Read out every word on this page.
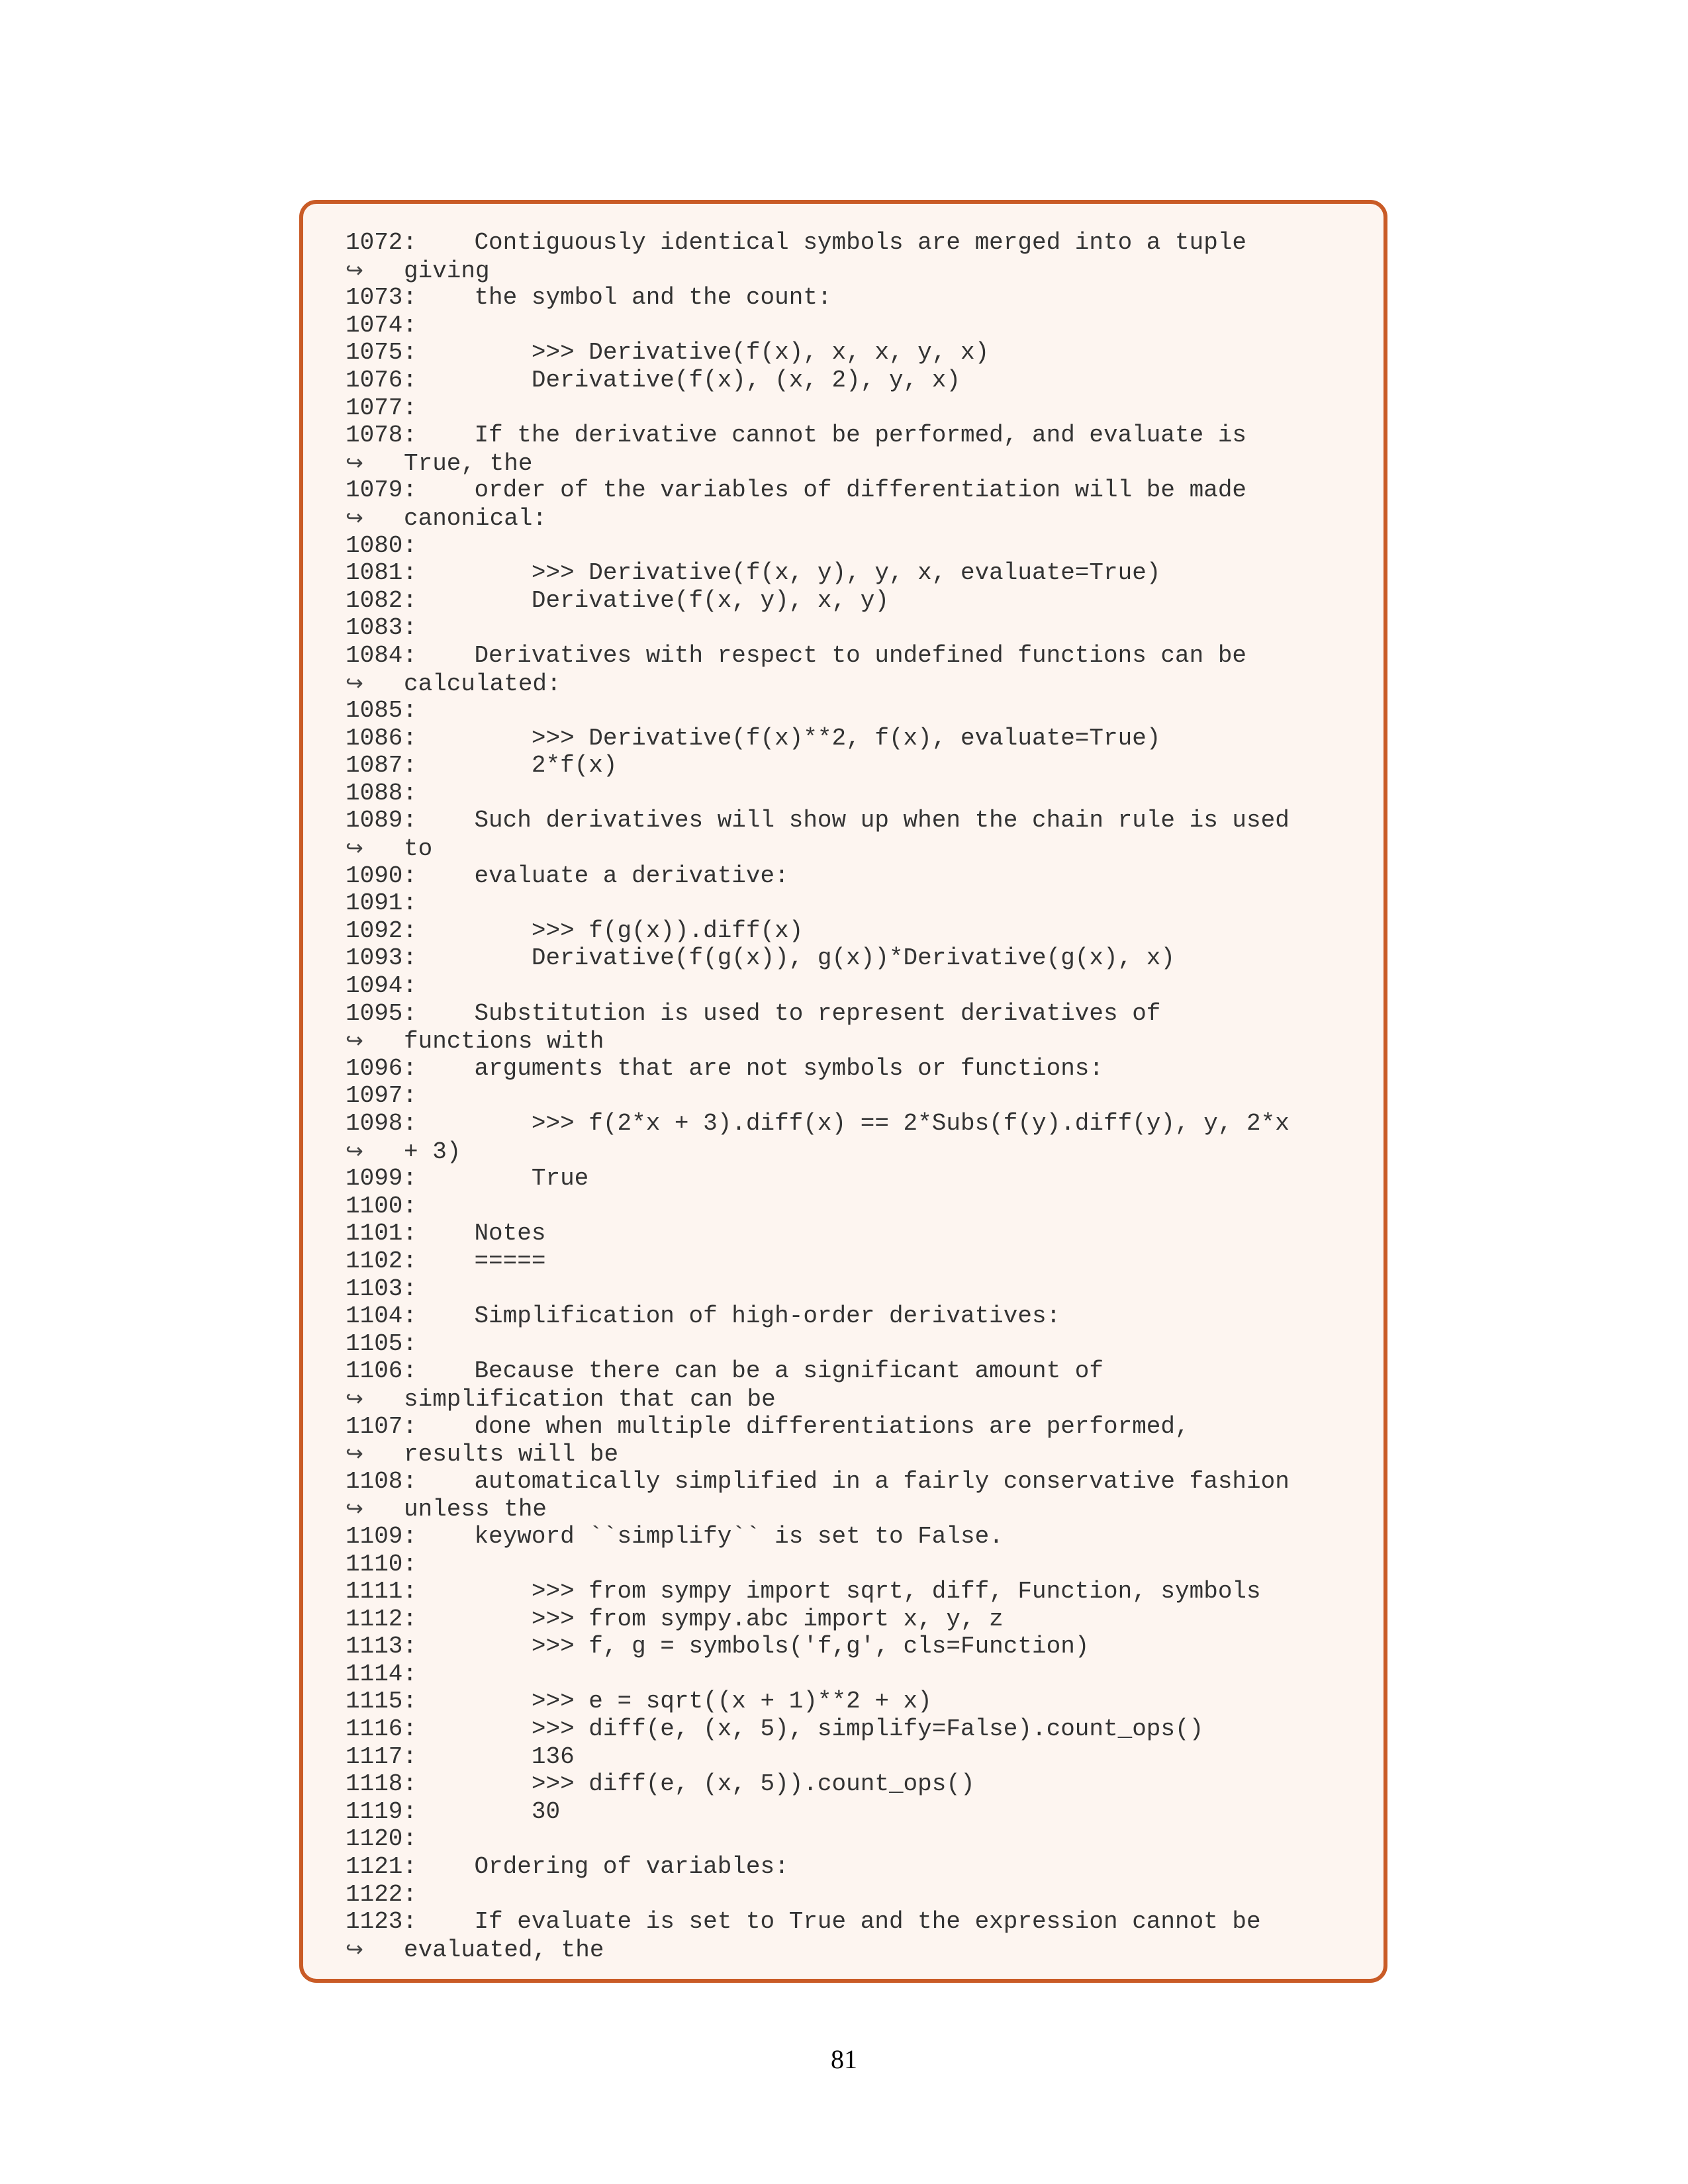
1072:    Contiguously identical symbols are merged into a tuple
↪ giving
1073:    the symbol and the count:
1074:
1075:        >>> Derivative(f(x), x, x, y, x)
1076:        Derivative(f(x), (x, 2), y, x)
1077:
1078:    If the derivative cannot be performed, and evaluate is
↪ True, the
1079:    order of the variables of differentiation will be made
↪ canonical:
1080:
1081:        >>> Derivative(f(x, y), y, x, evaluate=True)
1082:        Derivative(f(x, y), x, y)
1083:
1084:    Derivatives with respect to undefined functions can be
↪ calculated:
1085:
1086:        >>> Derivative(f(x)**2, f(x), evaluate=True)
1087:        2*f(x)
1088:
1089:    Such derivatives will show up when the chain rule is used
↪ to
1090:    evaluate a derivative:
1091:
1092:        >>> f(g(x)).diff(x)
1093:        Derivative(f(g(x)), g(x))*Derivative(g(x), x)
1094:
1095:    Substitution is used to represent derivatives of
↪ functions with
1096:    arguments that are not symbols or functions:
1097:
1098:        >>> f(2*x + 3).diff(x) == 2*Subs(f(y).diff(y), y, 2*x
↪ + 3)
1099:        True
1100:
1101:    Notes
1102:    =====
1103:
1104:    Simplification of high-order derivatives:
1105:
1106:    Because there can be a significant amount of
↪ simplification that can be
1107:    done when multiple differentiations are performed,
↪ results will be
1108:    automatically simplified in a fairly conservative fashion
↪ unless the
1109:    keyword ``simplify`` is set to False.
1110:
1111:        >>> from sympy import sqrt, diff, Function, symbols
1112:        >>> from sympy.abc import x, y, z
1113:        >>> f, g = symbols('f,g', cls=Function)
1114:
1115:        >>> e = sqrt((x + 1)**2 + x)
1116:        >>> diff(e, (x, 5), simplify=False).count_ops()
1117:        136
1118:        >>> diff(e, (x, 5)).count_ops()
1119:        30
1120:
1121:    Ordering of variables:
1122:
1123:    If evaluate is set to True and the expression cannot be
↪ evaluated, the
81
